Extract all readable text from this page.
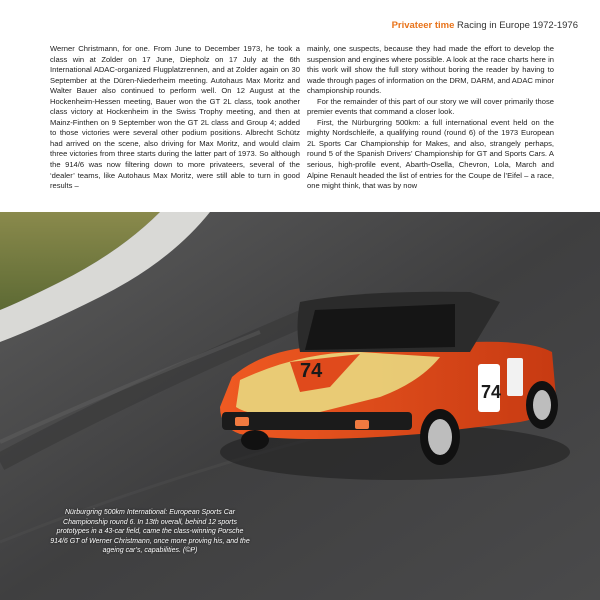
Privateer time Racing in Europe 1972-1976

Werner Christmann, for one. From June to December 1973, he took a class win at Zolder on 17 June, Diepholz on 17 July at the 6th International ADAC-organized Flugplatzrennen, and at Zolder again on 30 September at the Düren-Niederheim meeting. Autohaus Max Moritz and Walter Bauer also continued to perform well. On 12 August at the Hockenheim-Hessen meeting, Bauer won the GT 2L class, took another class victory at Hockenheim in the Swiss Trophy meeting, and then at Mainz-Finthen on 9 September won the GT 2L class and Group 4; added to those victories were several other podium positions. Albrecht Schütz had arrived on the scene, also driving for Max Moritz, and would claim three victories from three starts during the latter part of 1973. So although the 914/6 was now filtering down to more privateers, several of the ‘dealer’ teams, like Autohaus Max Moritz, were still able to turn in good results –

mainly, one suspects, because they had made the effort to develop the suspension and engines where possible. A look at the race charts here in this work will show the full story without boring the reader by having to wade through pages of information on the DRM, DARM, and ADAC minor championship rounds.

For the remainder of this part of our story we will cover primarily those premier events that command a closer look.

First, the Nürburgring 500km: a full international event held on the mighty Nordschleife, a qualifying round (round 6) of the 1973 European 2L Sports Car Championship for Makes, and also, strangely perhaps, round 5 of the Spanish Drivers’ Championship for GT and Sports Cars. A serious, high-profile event, Abarth-Osella, Chevron, Lola, March and Alpine Renault headed the list of entries for the Coupe de l’Eifel – a race, one might think, that was by now

74
74

Nürburgring 500km International: European Sports Car Championship round 6. In 13th overall, behind 12 sports prototypes in a 43-car field, came the class-winning Porsche 914/6 GT of Werner Christmann, once more proving his, and the ageing car’s, capabilities. (©P)
